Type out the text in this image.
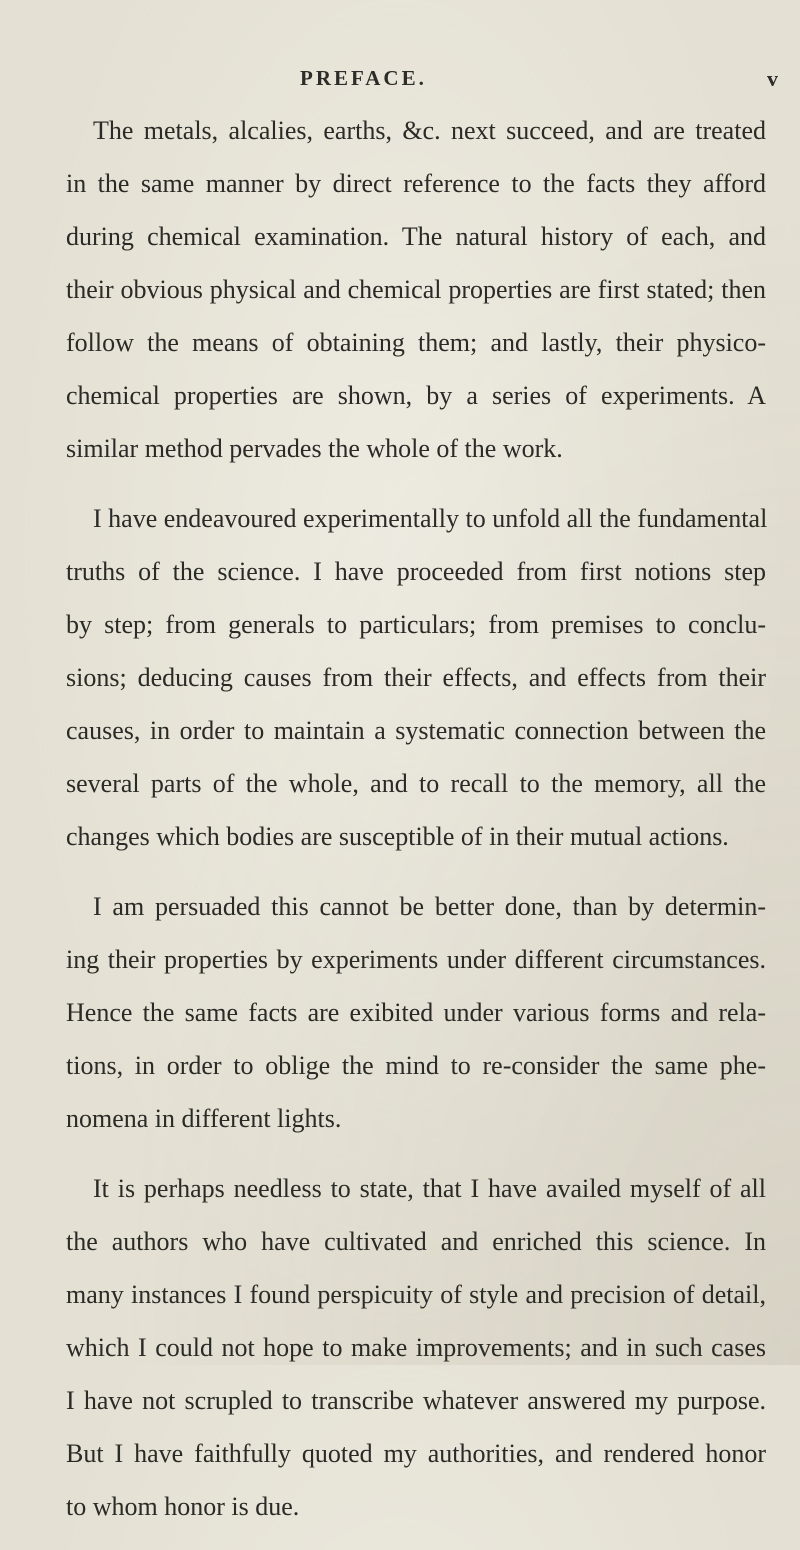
PREFACE.	v
The metals, alcalies, earths, &c. next succeed, and are treated
in the same manner by direct reference to the facts they afford
during chemical examination. The natural history of each, and
their obvious physical and chemical properties are first stated; then
follow the means of obtaining them; and lastly, their physico-
chemical properties are shown, by a series of experiments. A
similar method pervades the whole of the work.
I have endeavoured experimentally to unfold all the fundamental
truths of the science. I have proceeded from first notions step
by step; from generals to particulars; from premises to conclu-
sions; deducing causes from their effects, and effects from their
causes, in order to maintain a systematic connection between the
several parts of the whole, and to recall to the memory, all the
changes which bodies are susceptible of in their mutual actions.
I am persuaded this cannot be better done, than by determin-
ing their properties by experiments under different circumstances.
Hence the same facts are exibited under various forms and rela-
tions, in order to oblige the mind to re-consider the same phe-
nomena in different lights.
It is perhaps needless to state, that I have availed myself of all
the authors who have cultivated and enriched this science. In
many instances I found perspicuity of style and precision of detail,
which I could not hope to make improvements; and in such cases
I have not scrupled to transcribe whatever answered my purpose.
But I have faithfully quoted my authorities, and rendered honor
to whom honor is due.
